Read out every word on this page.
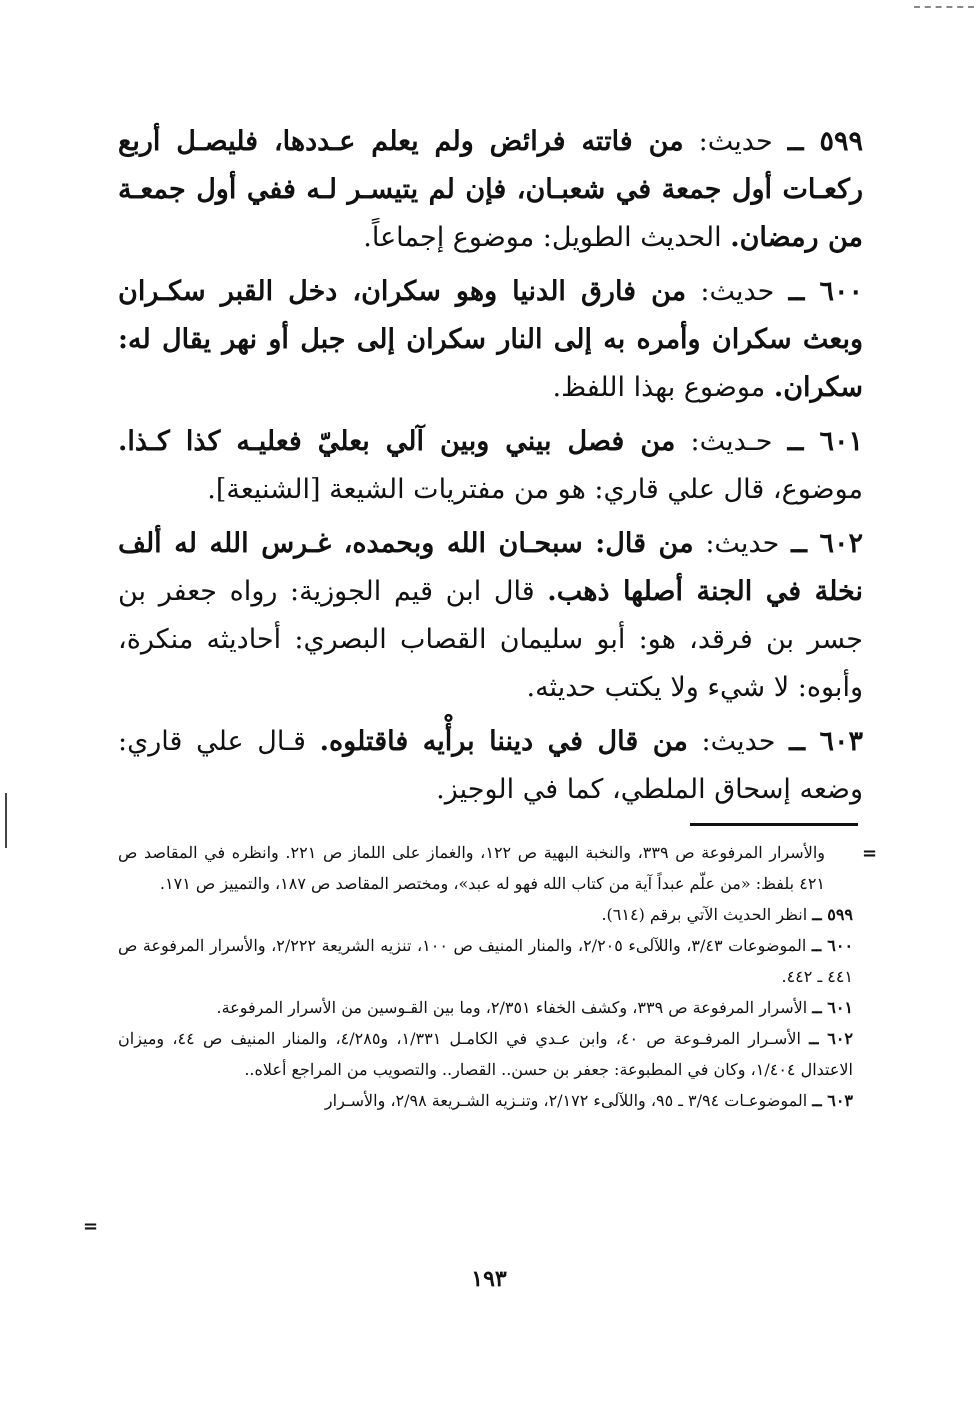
٥٩٩ ــ حديث: من فاتته فرائض ولم يعلم عـددها، فليصـل أربع ركعـات أول جمعة في شعبـان، فإن لم يتيسـر لـه ففي أول جمعـة من رمضان. الحديث الطويل: موضوع إجماعاً.

٦٠٠ ــ حديث: من فارق الدنيا وهو سكران، دخل القبر سكـران وبعث سكران وأمره به إلى النار سكران إلى جبل أو نهر يقال له: سكران. موضوع بهذا اللفظ.

٦٠١ ــ حـديث: من فصل بيني وبين آلي بعليّ فعليـه كذا كـذا. موضوع، قال علي قاري: هو من مفتريات الشيعة [الشنيعة].

٦٠٢ ــ حديث: من قال: سبحـان الله وبحمده، غـرس الله له ألف نخلة في الجنة أصلها ذهب. قال ابن قيم الجوزية: رواه جعفر بن جسر بن فرقد، هو: أبو سليمان القصاب البصري: أحاديثه منكرة، وأبوه: لا شيء ولا يكتب حديثه.

٦٠٣ ــ حديث: من قال في ديننا برأْيه فاقتلوه. قـال علي قاري: وضعه إسحاق الملطي، كما في الوجيز.

=

والأسرار المرفوعة ص ٣٣٩، والنخبة البهية ص ١٢٢، والغماز على اللماز ص ٢٢١. وانظره في المقاصد ص ٤٢١ بلفظ: «من علّم عبداً آية من كتاب الله فهو له عبد»، ومختصر المقاصد ص ١٨٧، والتمييز ص ١٧١.

٥٩٩ ــ انظر الحديث الآتي برقم (٦١٤).

٦٠٠ ــ الموضوعات ٣/٤٣، واللآلىء ٢/٢٠٥، والمنار المنيف ص ١٠٠، تنزيه الشريعة ٢/٢٢٢، والأسرار المرفوعة ص ٤٤١ ـ ٤٤٢.

٦٠١ ــ الأسرار المرفوعة ص ٣٣٩، وكشف الخفاء ٢/٣٥١، وما بين القـوسين من الأسرار المرفوعة.

٦٠٢ ــ الأسـرار المرفـوعة ص ٤٠، وابن عـدي في الكامـل ١/٣٣١، و٤/٢٨٥، والمنار المنيف ص ٤٤، وميزان الاعتدال ١/٤٠٤، وكان في المطبوعة: جعفر بن حسن.. القصار.. والتصويب من المراجع أعلاه..

٦٠٣ ــ الموضوعـات ٣/٩٤ ـ ٩٥، واللآلىء ٢/١٧٢، وتنـزيه الشـريعة ٢/٩٨، والأسـرار

=
١٩٣
